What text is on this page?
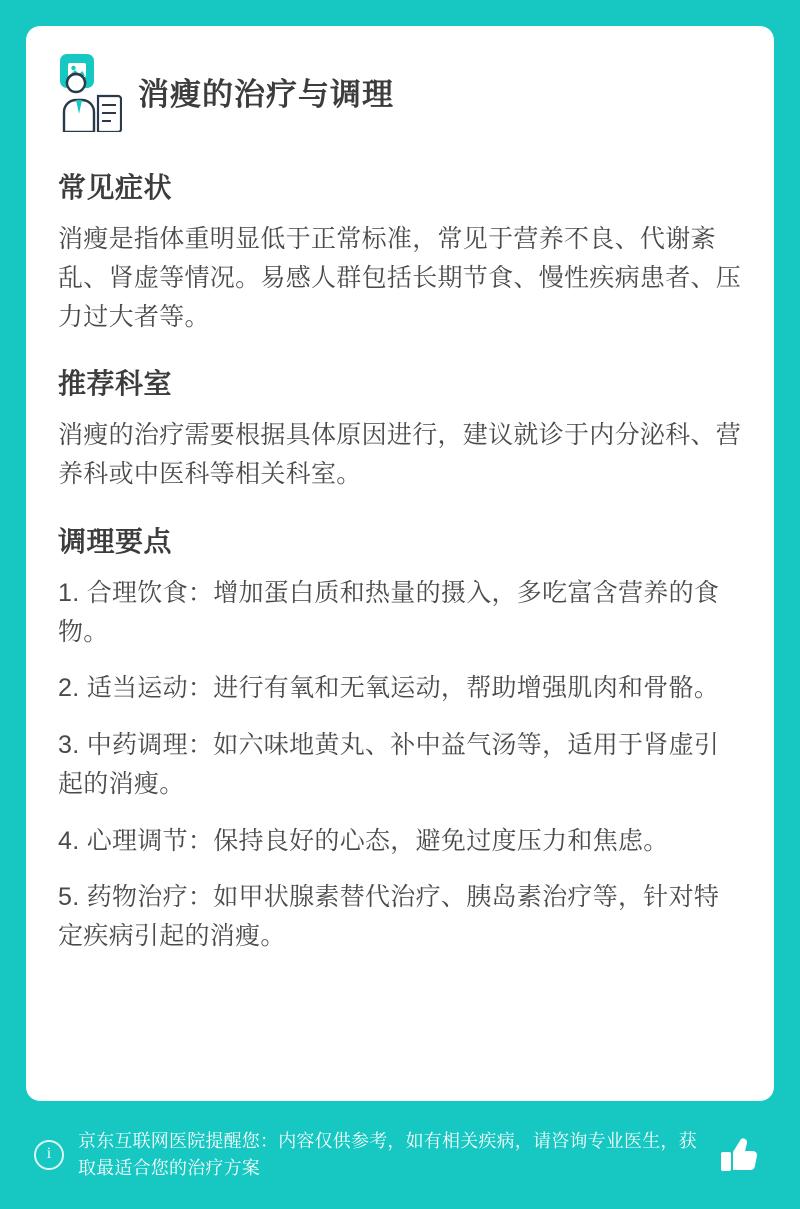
消瘦的治疗与调理
常见症状

消瘦是指体重明显低于正常标准，常见于营养不良、代谢紊乱、肾虚等情况。易感人群包括长期节食、慢性疾病患者、压力过大者等。

推荐科室

消瘦的治疗需要根据具体原因进行，建议就诊于内分泌科、营养科或中医科等相关科室。

调理要点
1. 合理饮食：增加蛋白质和热量的摄入，多吃富含营养的食物。
2. 适当运动：进行有氧和无氧运动，帮助增强肌肉和骨骼。
3. 中药调理：如六味地黄丸、补中益气汤等，适用于肾虚引起的消瘦。
4. 心理调节：保持良好的心态，避免过度压力和焦虑。
5. 药物治疗：如甲状腺素替代治疗、胰岛素治疗等，针对特定疾病引起的消瘦。
i
京东互联网医院提醒您：内容仅供参考，如有相关疾病，请咨询专业医生，获取最适合您的治疗方案
